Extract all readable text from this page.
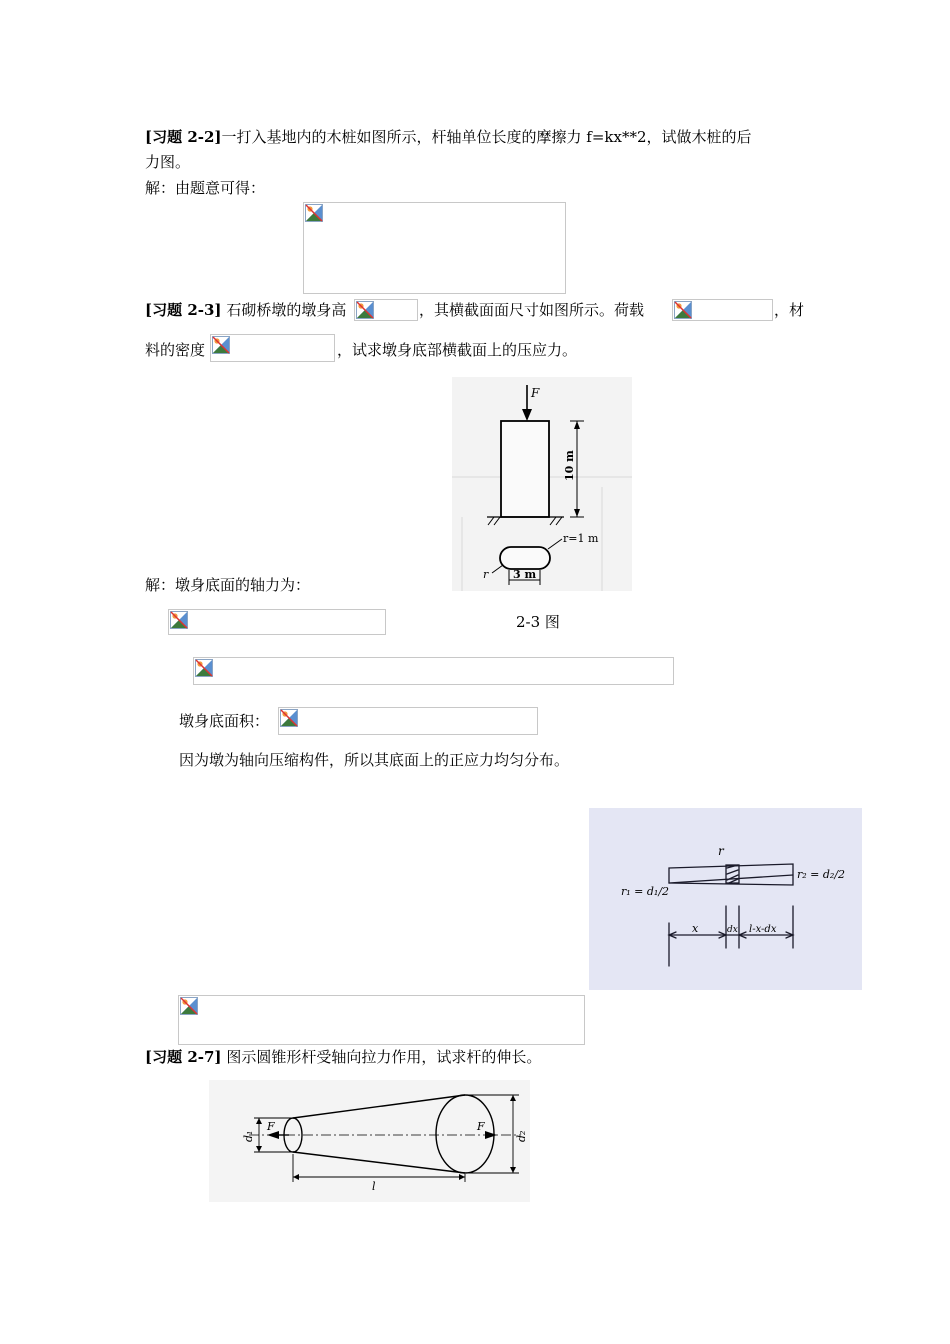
[习题 2-2]一打入基地内的木桩如图所示，杆轴单位长度的摩擦力 f=kx**2，试做木桩的后
力图。
解：由题意可得：
[习题 2-3] 石砌桥墩的墩身高	，其横截面面尺寸如图所示。荷载	，材
料的密度	，试求墩身底部横截面上的压应力。
F
10 m
r=1 m
r 3 m
解：墩身底面的轴力为：
2-3 图
墩身底面积：
因为墩为轴向压缩构件，所以其底面上的正应力均匀分布。
r
r₁ = d₁/2
r₂ = d₂/2
x	dx l-x-dx
[习题 2-7] 图示圆锥形杆受轴向拉力作用，试求杆的伸长。
d₁
F	F
d₂
l
